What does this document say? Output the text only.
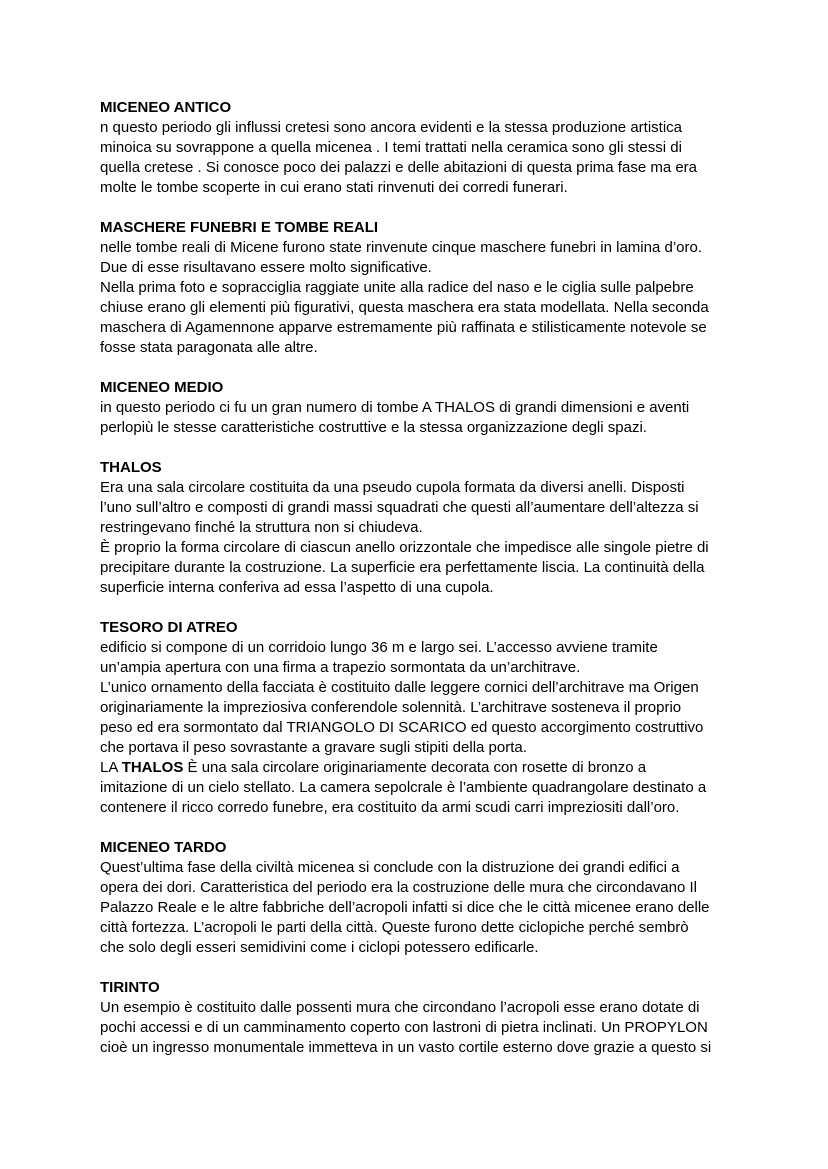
MICENEO ANTICO

n questo periodo gli influssi cretesi sono ancora evidenti e la stessa produzione artistica

minoica su sovrappone a quella micenea . I temi trattati nella ceramica sono gli stessi di

quella cretese . Si conosce poco dei palazzi e delle abitazioni di questa prima fase ma era

molte le tombe scoperte in cui erano stati rinvenuti dei corredi funerari.

MASCHERE FUNEBRI E TOMBE REALI

nelle tombe reali di Micene furono state rinvenute cinque maschere funebri in lamina d’oro.

Due di esse risultavano essere molto significative.

Nella prima foto e sopracciglia raggiate unite alla radice del naso e le ciglia sulle palpebre

chiuse erano gli elementi più figurativi, questa maschera era stata modellata. Nella seconda

maschera di Agamennone apparve estremamente più raffinata e stilisticamente notevole se

fosse stata paragonata alle altre.

MICENEO MEDIO

in questo periodo ci fu un gran numero di tombe A THALOS di grandi dimensioni e aventi

perlopiù le stesse caratteristiche costruttive e la stessa organizzazione degli spazi.

THALOS

Era una sala circolare costituita da una pseudo cupola formata da diversi anelli. Disposti

l’uno sull’altro e composti di grandi massi squadrati che questi all’aumentare dell’altezza si

restringevano finché la struttura non si chiudeva.

È proprio la forma circolare di ciascun anello orizzontale che impedisce alle singole pietre di

precipitare durante la costruzione. La superficie era perfettamente liscia. La continuità della

superficie interna conferiva ad essa l’aspetto di una cupola.

TESORO DI ATREO

edificio si compone di un corridoio lungo 36 m e largo sei. L’accesso avviene tramite

un’ampia apertura con una firma a trapezio sormontata da un’architrave.

L’unico ornamento della facciata è costituito dalle leggere cornici dell’architrave ma Origen

originariamente la impreziosiva conferendole solennità. L’architrave sosteneva il proprio

peso ed era sormontato dal TRIANGOLO DI SCARICO ed questo accorgimento costruttivo

che portava il peso sovrastante a gravare sugli stipiti della porta.

LA THALOS È una sala circolare originariamente decorata con rosette di bronzo a

imitazione di un cielo stellato. La camera sepolcrale è l’ambiente quadrangolare destinato a

contenere il ricco corredo funebre, era costituito da armi scudi carri impreziositi dall’oro.

MICENEO TARDO

Quest’ultima fase della civiltà micenea si conclude con la distruzione dei grandi edifici a

opera dei dori. Caratteristica del periodo era la costruzione delle mura che circondavano Il

Palazzo Reale e le altre fabbriche dell’acropoli infatti si dice che le città micenee erano delle

città fortezza. L’acropoli le parti della città. Queste furono dette ciclopiche perché sembrò

che solo degli esseri semidivini come i ciclopi potessero edificarle.

TIRINTO

Un esempio è costituito dalle possenti mura che circondano l’acropoli esse erano dotate di

pochi accessi e di un camminamento coperto con lastroni di pietra inclinati. Un PROPYLON

cioè un ingresso monumentale immetteva in un vasto cortile esterno dove grazie a questo si
